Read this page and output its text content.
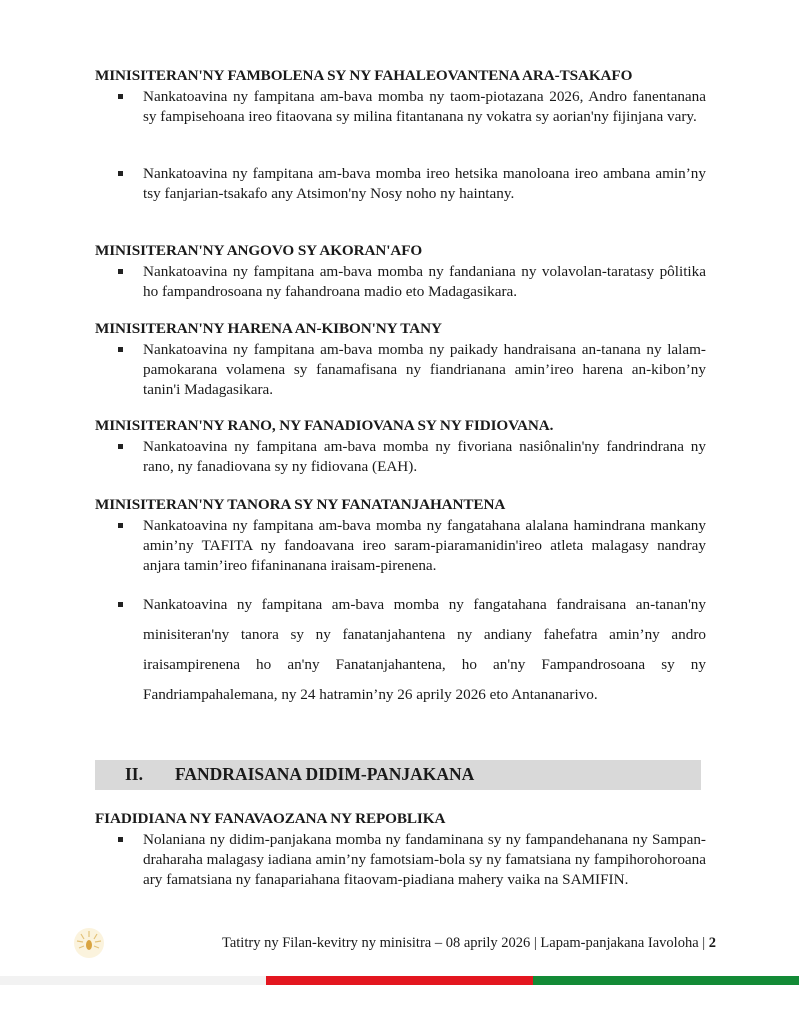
MINISITERAN'NY FAMBOLENA SY NY FAHALEOVANTENA ARA-TSAKAFO
Nankatoavina ny fampitana am-bava momba ny taom-piotazana 2026, Andro fanentanana sy fampisehoana ireo fitaovana sy milina fitantanana ny vokatra sy aorian'ny fijinjana vary.
Nankatoavina ny fampitana am-bava momba ireo hetsika manoloana ireo ambana amin’ny tsy fanjarian-tsakafo any Atsimon'ny Nosy noho ny haintany.
MINISITERAN'NY ANGOVO SY AKORAN'AFO
Nankatoavina ny fampitana am-bava momba ny fandaniana ny volavolan-taratasy pôlitika ho fampandrosoana ny fahandroana madio eto Madagasikara.
MINISITERAN'NY HARENA AN-KIBON'NY TANY
Nankatoavina ny fampitana am-bava momba ny paikady handraisana an-tanana ny lalam-pamokarana volamena sy fanamafisana ny fiandrianana amin’ireo harena an-kibon’ny tanin'i Madagasikara.
MINISITERAN'NY RANO, NY FANADIOVANA SY NY FIDIOVANA.
Nankatoavina ny fampitana am-bava momba ny fivoriana nasiônalin'ny fandrindrana ny rano, ny fanadiovana sy ny fidiovana (EAH).
MINISITERAN'NY TANORA SY NY FANATANJAHANTENA
Nankatoavina ny fampitana am-bava momba ny fangatahana alalana hamindrana mankany amin’ny TAFITA ny fandoavana ireo saram-piaramanidin'ireo atleta malagasy nandray anjara tamin’ireo fifaninanana iraisam-pirenena.
Nankatoavina ny fampitana am-bava momba ny fangatahana fandraisana an-tanan'ny minisiteran'ny tanora sy ny fanatanjahantena ny andiany fahefatra amin’ny andro iraisampirenena ho an'ny Fanatanjahantena, ho an'ny Fampandrosoana sy ny Fandriampahalemana, ny 24 hatramin’ny 26 aprily 2026 eto Antananarivo.
II. FANDRAISANA DIDIM-PANJAKANA
FIADIDIANA NY FANAVAOZANA NY REPOBLIKA
Nolaniana ny didim-panjakana momba ny fandaminana sy ny fampandehanana ny Sampan-draharaha malagasy iadiana amin’ny famotsiam-bola sy ny famatsiana ny fampihorohoroana ary famatsiana ny fanapariahana fitaovam-piadiana mahery vaika na SAMIFIN.
Tatitry ny Filan-kevitry ny minisitra – 08 aprily 2026 | Lapam-panjakana Iavoloha | 2
